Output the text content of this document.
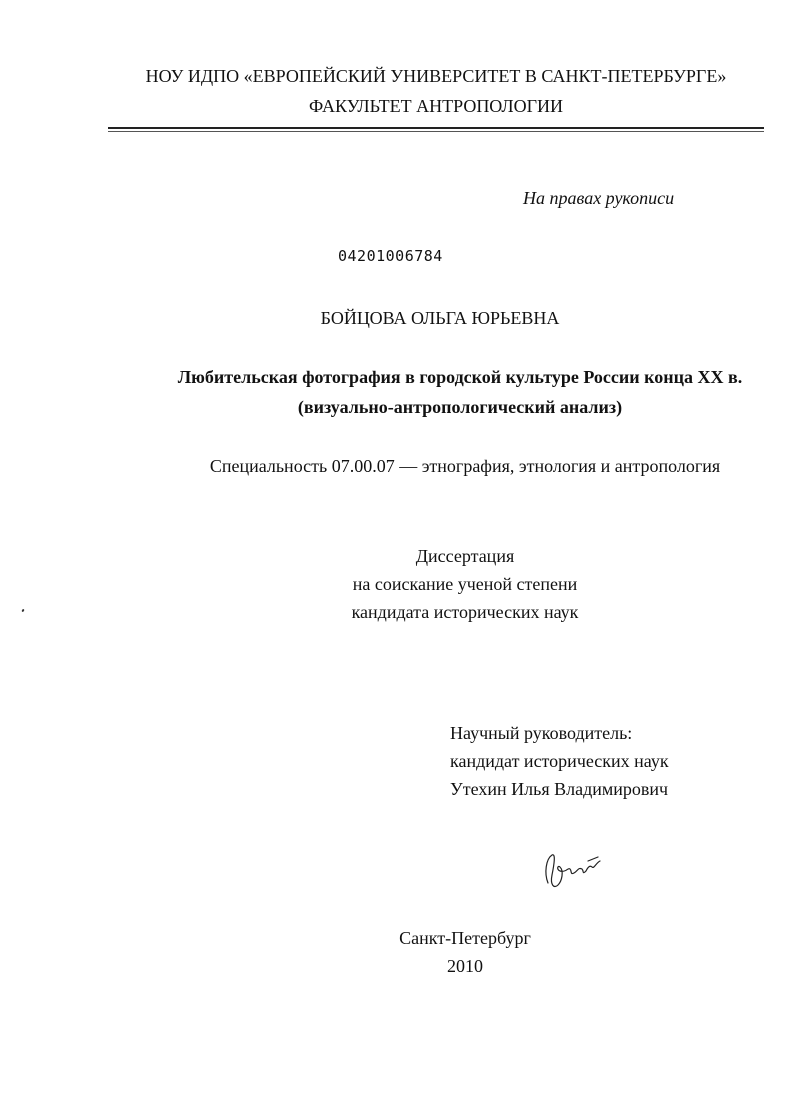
НОУ ИДПО «ЕВРОПЕЙСКИЙ УНИВЕРСИТЕТ В САНКТ-ПЕТЕРБУРГЕ»
ФАКУЛЬТЕТ АНТРОПОЛОГИИ
На правах рукописи
04201006784
БОЙЦОВА ОЛЬГА ЮРЬЕВНА
Любительская фотография в городской культуре России конца XX в.
(визуально-антропологический анализ)
Специальность 07.00.07 — этнография, этнология и антропология
Диссертация
на соискание ученой степени
кандидата исторических наук
Научный руководитель:
кандидат исторических наук
Утехин Илья Владимирович
Санкт-Петербург
2010
